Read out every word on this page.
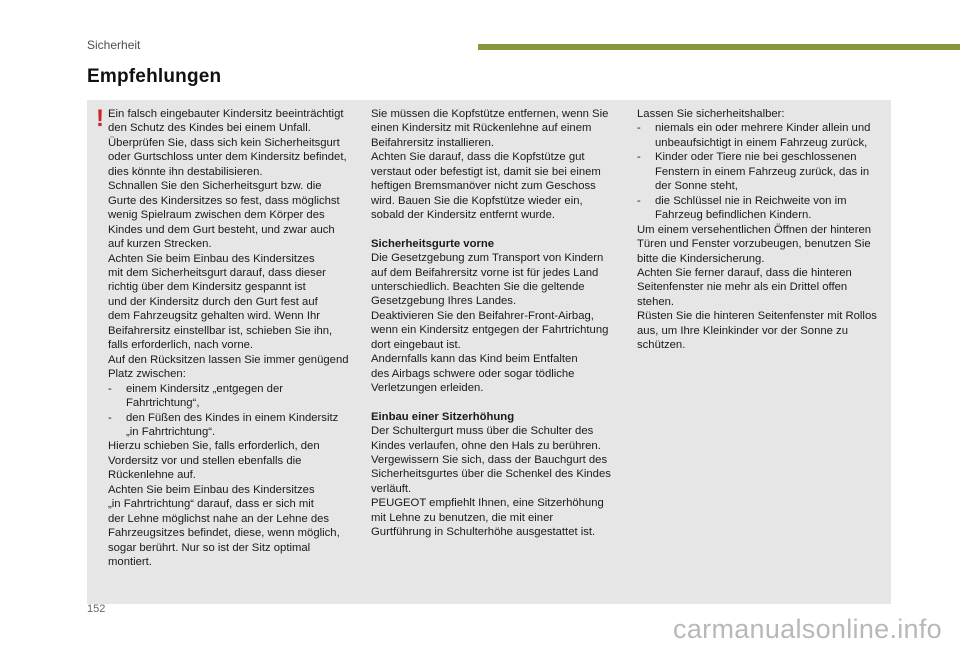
Sicherheit
Empfehlungen
! Ein falsch eingebauter Kindersitz beeinträchtigt
den Schutz des Kindes bei einem Unfall.
Überprüfen Sie, dass sich kein Sicherheitsgurt
oder Gurtschloss unter dem Kindersitz befindet,
dies könnte ihn destabilisieren.
Schnallen Sie den Sicherheitsgurt bzw. die
Gurte des Kindersitzes so fest, dass möglichst
wenig Spielraum zwischen dem Körper des
Kindes und dem Gurt besteht, und zwar auch
auf kurzen Strecken.
Achten Sie beim Einbau des Kindersitzes
mit dem Sicherheitsgurt darauf, dass dieser
richtig über dem Kindersitz gespannt ist
und der Kindersitz durch den Gurt fest auf
dem Fahrzeugsitz gehalten wird. Wenn Ihr
Beifahrersitz einstellbar ist, schieben Sie ihn,
falls erforderlich, nach vorne.
Auf den Rücksitzen lassen Sie immer genügend
Platz zwischen:
-	einem Kindersitz „entgegen der
Fahrtrichtung“,
-	den Füßen des Kindes in einem Kindersitz
„in Fahrtrichtung“.
Hierzu schieben Sie, falls erforderlich, den
Vordersitz vor und stellen ebenfalls die
Rückenlehne auf.
Achten Sie beim Einbau des Kindersitzes
„in Fahrtrichtung“ darauf, dass er sich mit
der Lehne möglichst nahe an der Lehne des
Fahrzeugsitzes befindet, diese, wenn möglich,
sogar berührt. Nur so ist der Sitz optimal
montiert.
Sie müssen die Kopfstütze entfernen, wenn Sie
einen Kindersitz mit Rückenlehne auf einem
Beifahrersitz installieren.
Achten Sie darauf, dass die Kopfstütze gut
verstaut oder befestigt ist, damit sie bei einem
heftigen Bremsmanöver nicht zum Geschoss
wird. Bauen Sie die Kopfstütze wieder ein,
sobald der Kindersitz entfernt wurde.
Sicherheitsgurte vorne
Die Gesetzgebung zum Transport von Kindern
auf dem Beifahrersitz vorne ist für jedes Land
unterschiedlich. Beachten Sie die geltende
Gesetzgebung Ihres Landes.
Deaktivieren Sie den Beifahrer-Front-Airbag,
wenn ein Kindersitz entgegen der Fahrtrichtung
dort eingebaut ist.
Andernfalls kann das Kind beim Entfalten
des Airbags schwere oder sogar tödliche
Verletzungen erleiden.
Einbau einer Sitzerhöhung
Der Schultergurt muss über die Schulter des
Kindes verlaufen, ohne den Hals zu berühren.
Vergewissern Sie sich, dass der Bauchgurt des
Sicherheitsgurtes über die Schenkel des Kindes
verläuft.
PEUGEOT empfiehlt Ihnen, eine Sitzerhöhung
mit Lehne zu benutzen, die mit einer
Gurtführung in Schulterhöhe ausgestattet ist.
Lassen Sie sicherheitshalber:
-	niemals ein oder mehrere Kinder allein und
unbeaufsichtigt in einem Fahrzeug zurück,
-	Kinder oder Tiere nie bei geschlossenen
Fenstern in einem Fahrzeug zurück, das in
der Sonne steht,
-	die Schlüssel nie in Reichweite von im
Fahrzeug befindlichen Kindern.
Um einem versehentlichen Öffnen der hinteren
Türen und Fenster vorzubeugen, benutzen Sie
bitte die Kindersicherung.
Achten Sie ferner darauf, dass die hinteren
Seitenfenster nie mehr als ein Drittel offen
stehen.
Rüsten Sie die hinteren Seitenfenster mit Rollos
aus, um Ihre Kleinkinder vor der Sonne zu
schützen.
152
carmanualsonline.info
